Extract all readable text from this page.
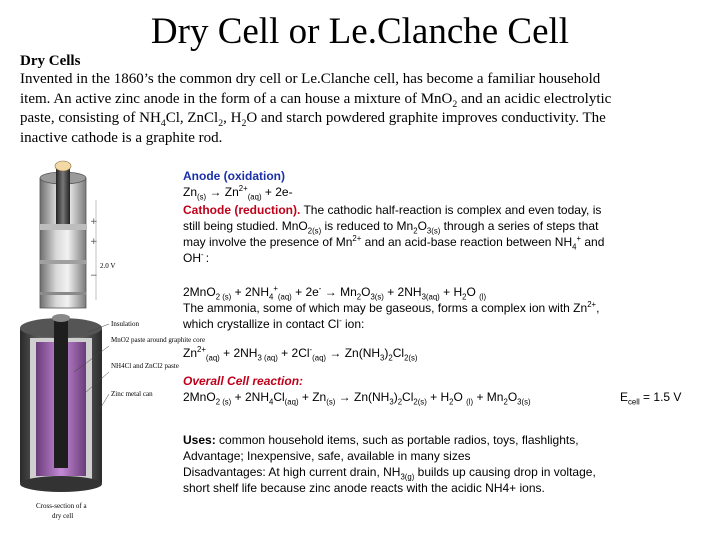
Dry Cell or Le.Clanche Cell
Dry Cells
Invented in the 1860’s the common dry cell or Le.Clanche cell, has become a familiar household
item. An active zinc anode in the form of a can house a mixture of MnO$_2$ and an acidic electrolytic
paste, consisting of $NH_4Cl$, ZnCl$_2$, $H_2O$ and starch powdered graphite improves conductivity. The
inactive cathode is a graphite rod.
+
+
−
2.0 V
Insulation
MnO2 paste around graphite core
NH4Cl and ZnCl2 paste
Zinc metal can
Cross-section of a
dry cell
Anode (oxidation)
$Zn_{(s)} \to Zn^{2+}_{(aq)} + 2e-$
Cathode (reduction). The cathodic half-reaction is complex and even today, is
still being studied. MnO$_{2(s)}$ is reduced to $Mn_2O_{3(s)}$ through a series of steps that
may involve the presence of $Mn^{2+}$ and an acid-base reaction between $NH_4^+$ and
OH- :
$2MnO_{2 (s)} + 2NH_4^+_{(aq)} + 2e^- \to Mn_2O_{3(s)} + 2NH_{3(aq)} + H_2O$ $_{(l)}$
The ammonia, some of which may be gaseous, forms a complex ion with $Zn^{2+}$,
which crystallize in contact Cl- ion:
$Zn^{2+}_{(aq)} + 2NH_{3 (aq)} + 2Cl^-_{(aq)} \to Zn(NH_3)_2Cl_{2(s)}$
Overall Cell reaction:
$2MnO_{2 (s)} + 2NH_4Cl_{(aq)} + Zn_{(s)} \to Zn(NH_3)_2Cl_{2(s)} + H_2O$ $_{(l)} + Mn_2O_{3(s)}$	$E_{cell} = 1.5$ V
Uses: common household items, such as portable radios, toys, flashlights,
Advantage; Inexpensive, safe, available in many sizes
Disadvantages: At high current drain, $NH_{3(g)}$ builds up causing drop in voltage,
short shelf life because zinc anode reacts with the acidic NH4+ ions.
